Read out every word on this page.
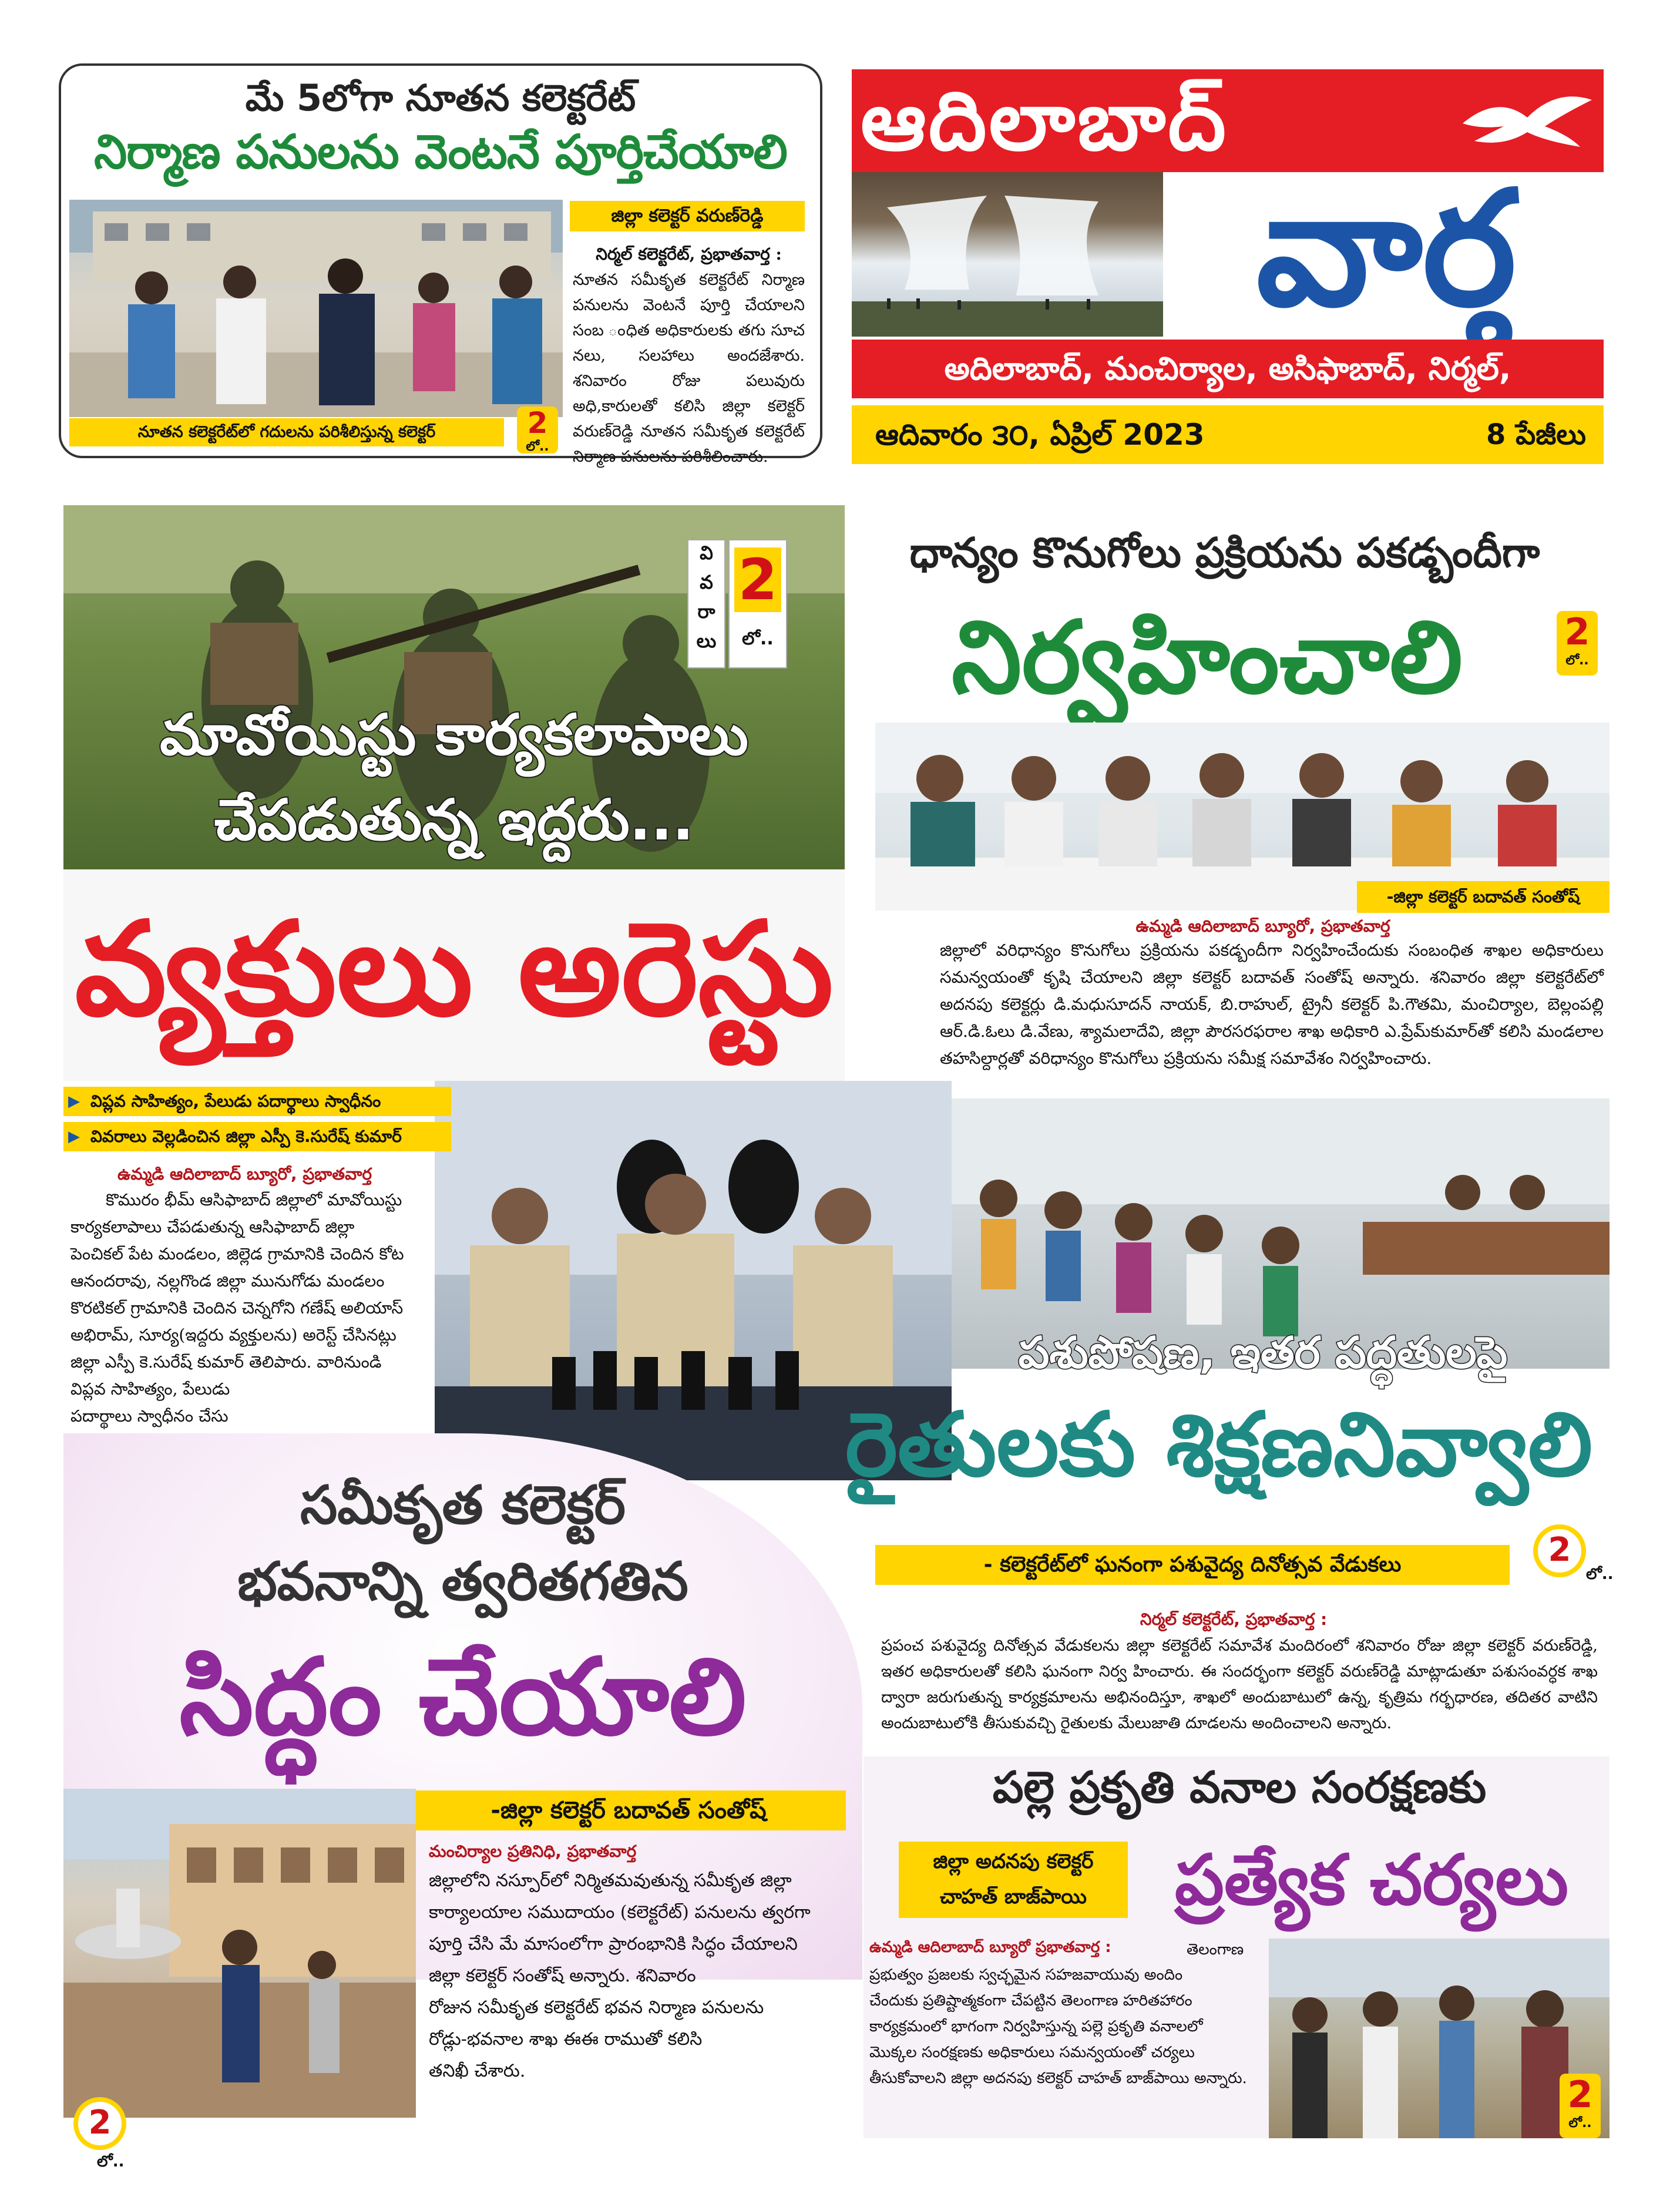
మే 5లోగా నూతన కలెక్టరేట్
నిర్మాణ పనులను వెంటనే పూర్తిచేయాలి
జిల్లా కలెక్టర్ వరుణ్‌రెడ్డి
నిర్మల్ కలెక్టరేట్, ప్రభాతవార్త :
నూతన సమీకృత కలెక్టరేట్ నిర్మాణ పనులను వెంటనే పూర్తి చేయాలని సంబ ంధిత అధికారులకు తగు సూచ నలు, సలహాలు అందజేశారు. శనివారం రోజు పలువురు అధి,కారులతో కలిసి జిల్లా కలెక్టర్ వరుణ్‌రెడ్డి నూతన సమీకృత కలెక్టరేట్ నిర్మాణ పనులను పరిశీలించారు.
నూతన కలెక్టరేట్‌లో గదులను పరిశీలిస్తున్న కలెక్టర్	2
లో..
ఆదిలాబాద్
వార్త
అదిలాబాద్, మంచిర్యాల, అసిఫాబాద్, నిర్మల్,
ఆదివారం ౩౦, ఏప్రిల్ 2023	8 పేజీలు
వి
వ
రా
లు
2
లో..
మావోయిస్టు కార్యకలాపాలు
చేపడుతున్న ఇద్దరు...
వ్యక్తులు అరెస్టు
▶ విప్లవ సాహిత్యం, పేలుడు పదార్థాలు స్వాధీనం
▶ వివరాలు వెల్లడించిన జిల్లా ఎస్పీ కె.సురేష్ కుమార్
ఉమ్మడి ఆదిలాబాద్ బ్యూరో, ప్రభాతవార్త
కొమురం భీమ్ ఆసిఫాబాద్ జిల్లాలో మావోయిస్టు
కార్యకలాపాలు చేపడుతున్న ఆసిఫాబాద్ జిల్లా
పెంచికల్ పేట మండలం, జిల్లెడ గ్రామానికి చెందిన కోట
ఆనందరావు, నల్లగొండ జిల్లా మునుగోడు మండలం
కొరటికల్ గ్రామానికి చెందిన చెన్నగోని గణేష్ అలియాస్
అభిరామ్, సూర్య(ఇద్దరు వ్యక్తులను) అరెస్ట్ చేసినట్లు
జిల్లా ఎస్పీ కె.సురేష్ కుమార్ తెలిపారు. వారినుండి
విప్లవ సాహిత్యం, పేలుడు
పదార్థాలు స్వాధీనం చేసు
ధాన్యం కొనుగోలు ప్రక్రియను పకడ్బందీగా
నిర్వహించాలి	2
లో..
-జిల్లా కలెక్టర్ బదావత్ సంతోష్
ఉమ్మడి ఆదిలాబాద్ బ్యూరో, ప్రభాతవార్త
జిల్లాలో వరిధాన్యం కొనుగోలు ప్రక్రియను పకడ్బందీగా నిర్వహించేందుకు సంబంధిత శాఖల అధికారులు సమన్వయంతో కృషి చేయాలని జిల్లా కలెక్టర్ బదావత్ సంతోష్ అన్నారు. శనివారం జిల్లా కలెక్టరేట్‌లో అదనపు కలెక్టర్లు డి.మధుసూదన్ నాయక్, బి.రాహుల్, ట్రైనీ కలెక్టర్ పి.గౌతమి, మంచిర్యాల, బెల్లంపల్లి ఆర్.డి.ఓలు డి.వేణు, శ్యామలాదేవి, జిల్లా పౌరసరఫరాల శాఖ అధికారి ఎ.ప్రేమ్‌కుమార్‌తో కలిసి మండలాల తహసిల్దార్లతో వరిధాన్యం కొనుగోలు ప్రక్రియను సమీక్ష సమావేశం నిర్వహించారు.
పశుపోషణ, ఇతర పద్ధతులపై
రైతులకు శిక్షణనివ్వాలి
- కలెక్టరేట్‌లో ఘనంగా పశువైద్య దినోత్సవ వేడుకలు	2
లో..
నిర్మల్ కలెక్టరేట్, ప్రభాతవార్త :
ప్రపంచ పశువైద్య దినోత్సవ వేడుకలను జిల్లా కలెక్టరేట్ సమావేశ మందిరంలో శనివారం రోజు జిల్లా కలెక్టర్ వరుణ్‌రెడ్డి, ఇతర అధికారులతో కలిసి ఘనంగా నిర్వ హించారు. ఈ సందర్భంగా కలెక్టర్ వరుణ్‌రెడ్డి మాట్లాడుతూ పశుసంవర్ధక శాఖ ద్వారా జరుగుతున్న కార్యక్రమాలను అభినందిస్తూ, శాఖలో అందుబాటులో ఉన్న, కృత్రిమ గర్భధారణ, తదితర వాటిని అందుబాటులోకి తీసుకువచ్చి రైతులకు మేలుజాతి దూడలను అందించాలని అన్నారు.
సమీకృత కలెక్టర్
భవనాన్ని త్వరితగతిన
సిద్ధం చేయాలి
-జిల్లా కలెక్టర్ బదావత్ సంతోష్
మంచిర్యాల ప్రతినిధి, ప్రభాతవార్త
జిల్లాలోని నస్పూర్‌లో నిర్మితమవుతున్న సమీకృత జిల్లా
కార్యాలయాల సముదాయం (కలెక్టరేట్) పనులను త్వరగా
పూర్తి చేసి మే మాసంలోగా ప్రారంభానికి సిద్ధం చేయాలని
జిల్లా కలెక్టర్ సంతోష్ అన్నారు. శనివారం
రోజున సమీకృత కలెక్టరేట్ భవన నిర్మాణ పనులను
రోడ్లు-భవనాల శాఖ ఈఈ రాముతో కలిసి
తనిఖీ చేశారు.
2
లో..
పల్లె ప్రకృతి వనాల సంరక్షణకు
జిల్లా అదనపు కలెక్టర్
చాహత్ బాజ్‌పాయి	ప్రత్యేక చర్యలు
ఉమ్మడి ఆదిలాబాద్ బ్యూరో ప్రభాతవార్త :	తెలంగాణ
ప్రభుత్వం ప్రజలకు స్వచ్ఛమైన సహజవాయువు అందిం
చేందుకు ప్రతిష్టాత్మకంగా చేపట్టిన తెలంగాణ హరితహారం
కార్యక్రమంలో భాగంగా నిర్వహిస్తున్న పల్లె ప్రకృతి వనాలలో
మొక్కల సంరక్షణకు అధికారులు సమన్వయంతో చర్యలు
తీసుకోవాలని జిల్లా అదనపు కలెక్టర్ చాహత్ బాజ్‌పాయి అన్నారు.	2
లో..
